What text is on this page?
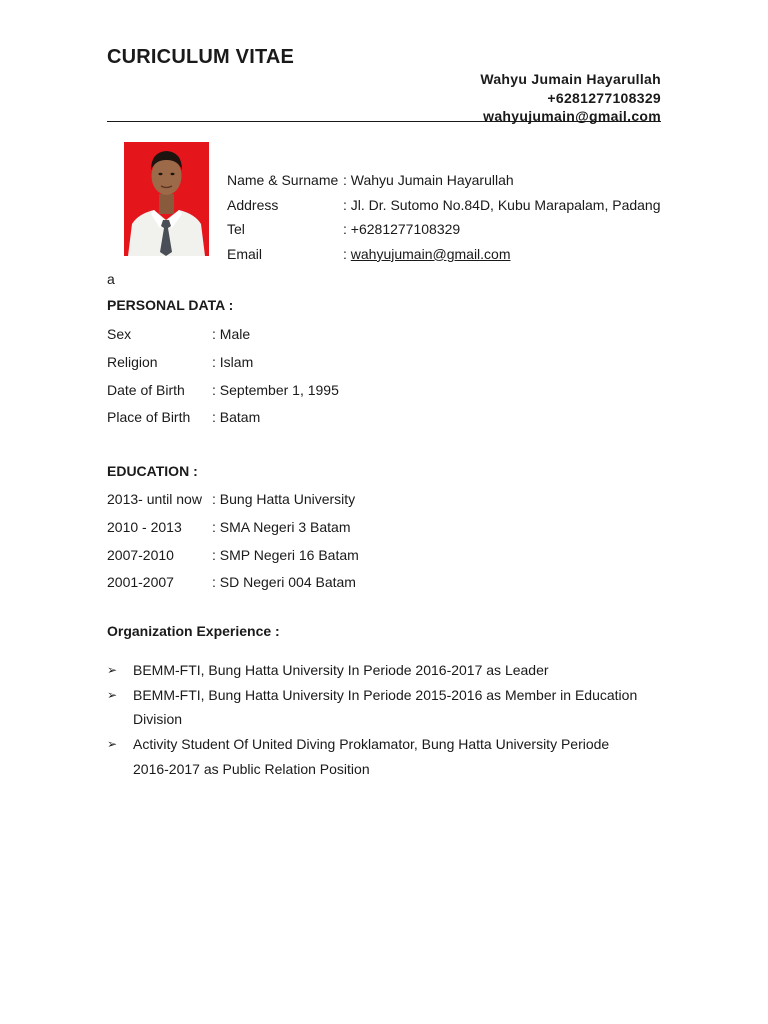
CURICULUM VITAE
Wahyu Jumain Hayarullah
+6281277108329
wahyujumain@gmail.com
Name & Surname : Wahyu Jumain Hayarullah
Address	: Jl. Dr. Sutomo No.84D, Kubu Marapalam, Padang
Tel	: +6281277108329
Email	: wahyujumain@gmail.com
a
PERSONAL DATA :
Sex	: Male
Religion	: Islam
Date of Birth : September 1, 1995
Place of Birth : Batam
EDUCATION :
2013- until now : Bung Hatta University
2010 - 2013 : SMA Negeri 3 Batam
2007-2010	: SMP Negeri 16 Batam
2001-2007	: SD Negeri 004 Batam
Organization Experience :
➢ BEMM-FTI, Bung Hatta University In Periode 2016-2017 as Leader
➢ BEMM-FTI, Bung Hatta University In Periode 2015-2016 as Member in Education Division
➢ Activity Student Of United Diving Proklamator, Bung Hatta University Periode 2016-2017 as Public Relation Position
